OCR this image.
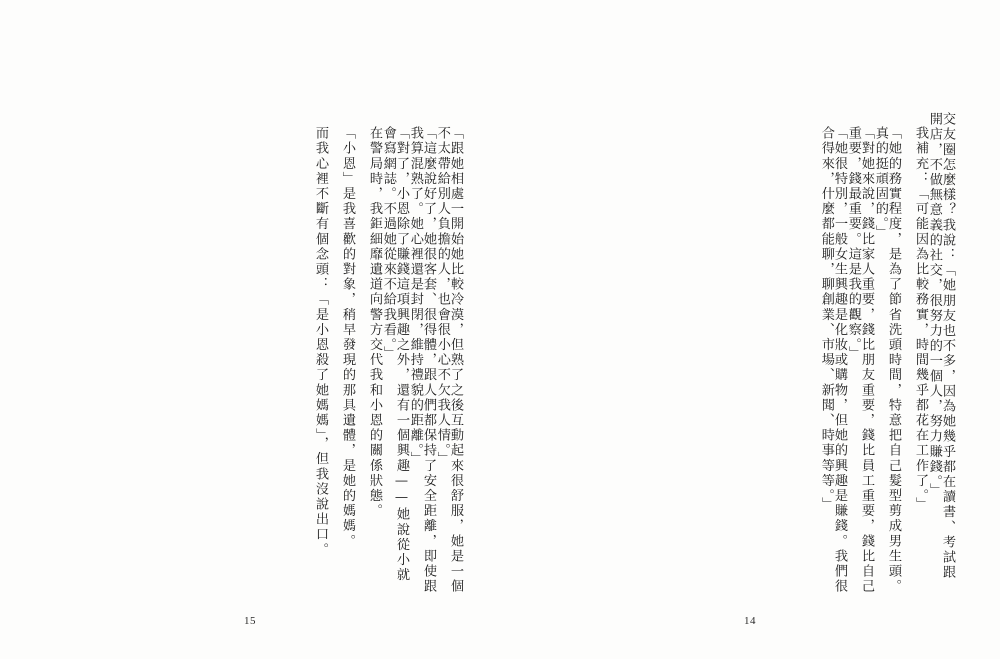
「跟她相處一開始她比較冷漠，但熟了之後互動起來很舒服，她是一個不太帶給別人負擔的人，也會很小心不欠我人情。」
「這麼說好了，她很客套、很得體，跟人們都保持了安全距離，即使跟我算混熟了。她心裡還是封閉，維持禮貌的距離。」
「對了，小恩除了賺錢這項興趣之外，還有一個興趣——她說從小就會寫網誌。不過她從來不給我看。」
在警局時，我鉅細靡遺道向警方交代我和小恩的關係狀態。
「小恩」是我喜歡的對象，稍早發現的那具遺體，是她的媽媽。
而我心裡不斷有個念頭：「是小恩殺了她媽媽」，但我沒說出口。
15
交友圈怎麼樣？我說：「她朋友也不多，因為她幾乎都在讀書、考試跟開店，不做無意義的社交，很努力的一個人，努力賺錢。」
我補充：「可能因為比較務實，時間幾乎都花在工作了。」
「她的務實程度，是為了節省洗頭時間，特意把自己髮型剪成男生頭。真的挺頑固的。」
「對她來說，錢比家人重要，錢比朋友重要，錢比員工重要，錢比自己重要，錢最重要。這是我的觀察。」
「她很特別，一般女生興趣是化妝或購物，但她的興趣是賺錢。我們很合得來，什麼都能聊，聊創業、市場、新聞、時事等等。」
14
